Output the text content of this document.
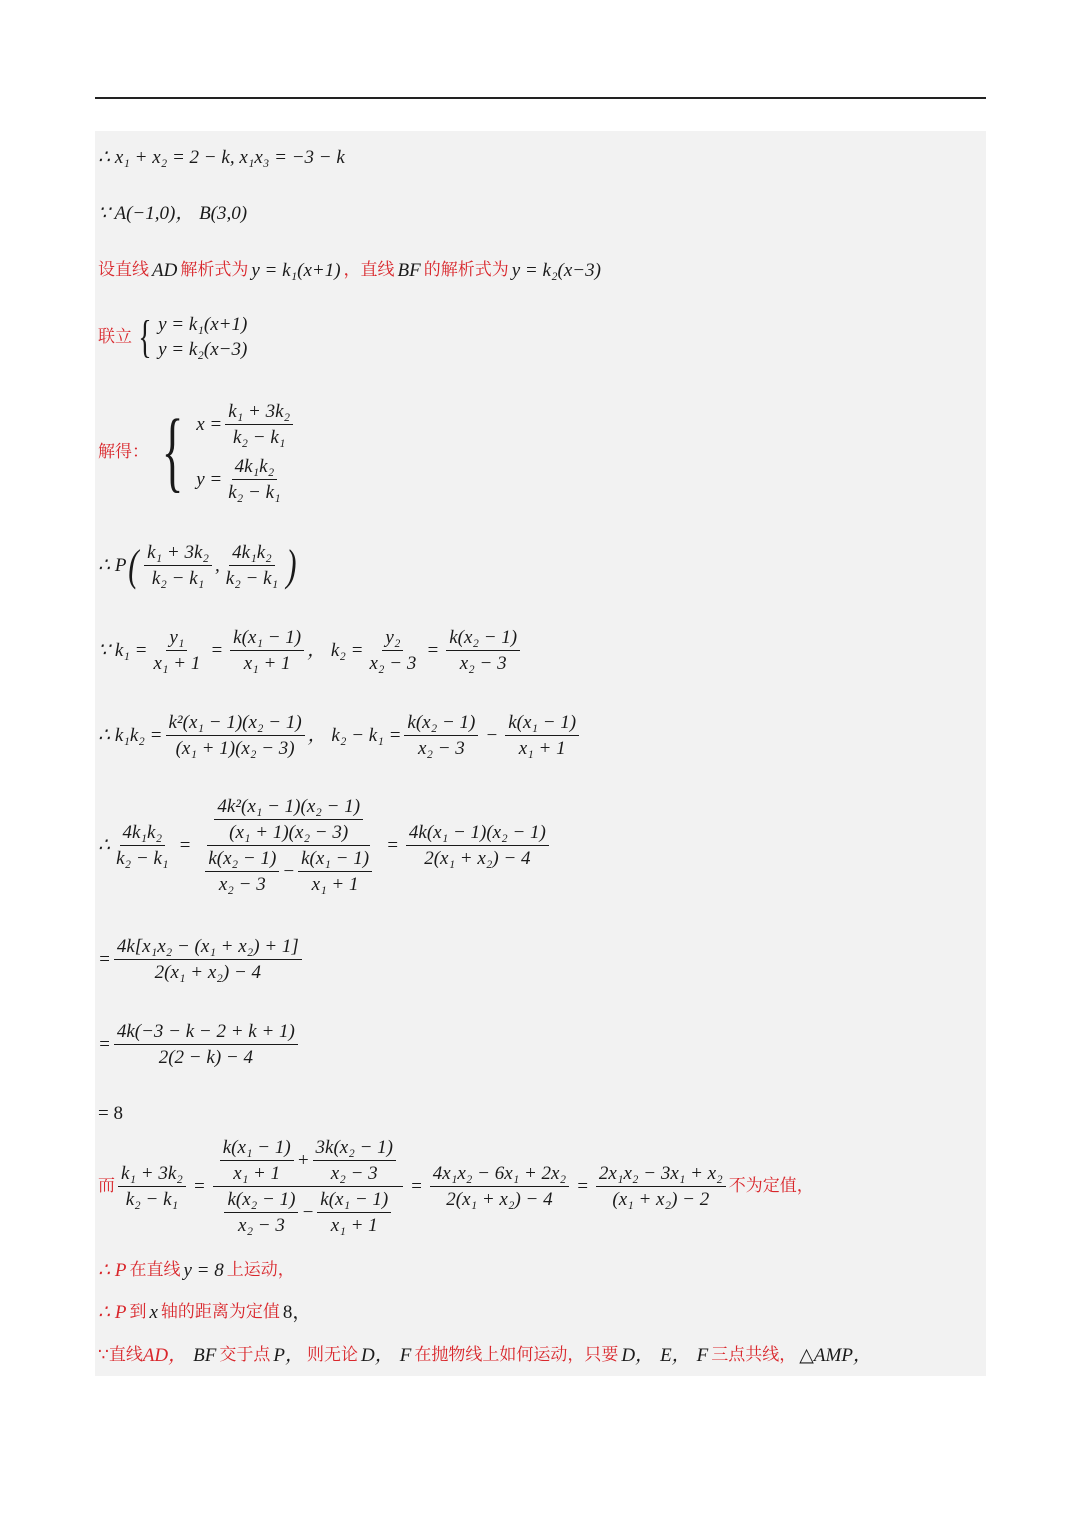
∴ x₁ + x₂ = 2 − k, x₁x₃ = −3 − k
∵ A(−1,0)， B(3,0)
设直线 AD 解析式为 y = k₁(x+1) ，直线 BF 的解析式为 y = k₂(x−3)
联立 { y = k₁(x+1)
y = k₂(x−3)
解得： { $x = \frac{\text{k₁ + 3k₂}}{\text{k₂ − k₁}}$
$y = \frac{\text{4k₁k₂}}{\text{k₂ − k₁}}$
∴ P ( $\frac{\text{k₁ + 3k₂}}{\text{k₂ − k₁}}$ , $\frac{\text{4k₁k₂}}{\text{k₂ − k₁}}$ )
∵ $k_1 = \frac{\text{y₁}}{\text{x₁ + 1}} = \frac{\text{k(x₁ − 1)}}{\text{x₁ + 1}}$ ， $k_2 = \frac{\text{y₂}}{\text{x₂ − 3}} = \frac{\text{k(x₂ − 1)}}{\text{x₂ − 3}}$
∴ $k_1k_2 = \frac{\text{k²(x₁ − 1)(x₂ − 1)}}{\text{(x₁ + 1)(x₂ − 3)}}$ ， $k_2 - k_1 = \frac{\text{k(x₂ − 1)}}{\text{x₂ − 3}} - \frac{\text{k(x₁ − 1)}}{\text{x₁ + 1}}$
∴ $\frac{\text{4k₁k₂}}{\text{k₂ − k₁}} = \frac{\frac{\text{4k²(x₁ − 1)(x₂ − 1)}}{\text{(x₁ + 1)(x₂ − 3)}}}{\frac{\text{k(x₂ − 1)}}{\text{x₂ − 3}} - \frac{\text{k(x₁ − 1)}}{\text{x₁ + 1}}} = \frac{\text{4k(x₁ − 1)(x₂ − 1)}}{\text{2(x₁ + x₂) − 4}}$
= $\frac{\text{4k[x₁x₂ − (x₁ + x₂) + 1]}}{\text{2(x₁ + x₂) − 4}}$
= $\frac{4k(-3 - k - 2 + k + 1)}{2(2 - k) - 4}$
= 8
而 $\frac{\text{k₁ + 3k₂}}{\text{k₂ − k₁}} = \frac{\frac{\text{k(x₁ − 1)}}{\text{x₁ + 1}} + \frac{\text{3k(x₂ − 1)}}{\text{x₂ − 3}}}{\frac{\text{k(x₂ − 1)}}{\text{x₂ − 3}} - \frac{\text{k(x₁ − 1)}}{\text{x₁ + 1}}} = \frac{\text{4x₁x₂ − 6x₁ + 2x₂}}{\text{2(x₁ + x₂) − 4}} = \frac{\text{2x₁x₂ − 3x₁ + x₂}}{\text{(x₁ + x₂) − 2}}$ 不为定值，
∴ P 在直线 y = 8 上运动，
∴ P 到 x 轴的距离为定值 8，
∵直线 AD， BF 交于点 P， 则无论 D， F 在抛物线上如何运动，只要 D， E， F 三点共线， △AMP，
